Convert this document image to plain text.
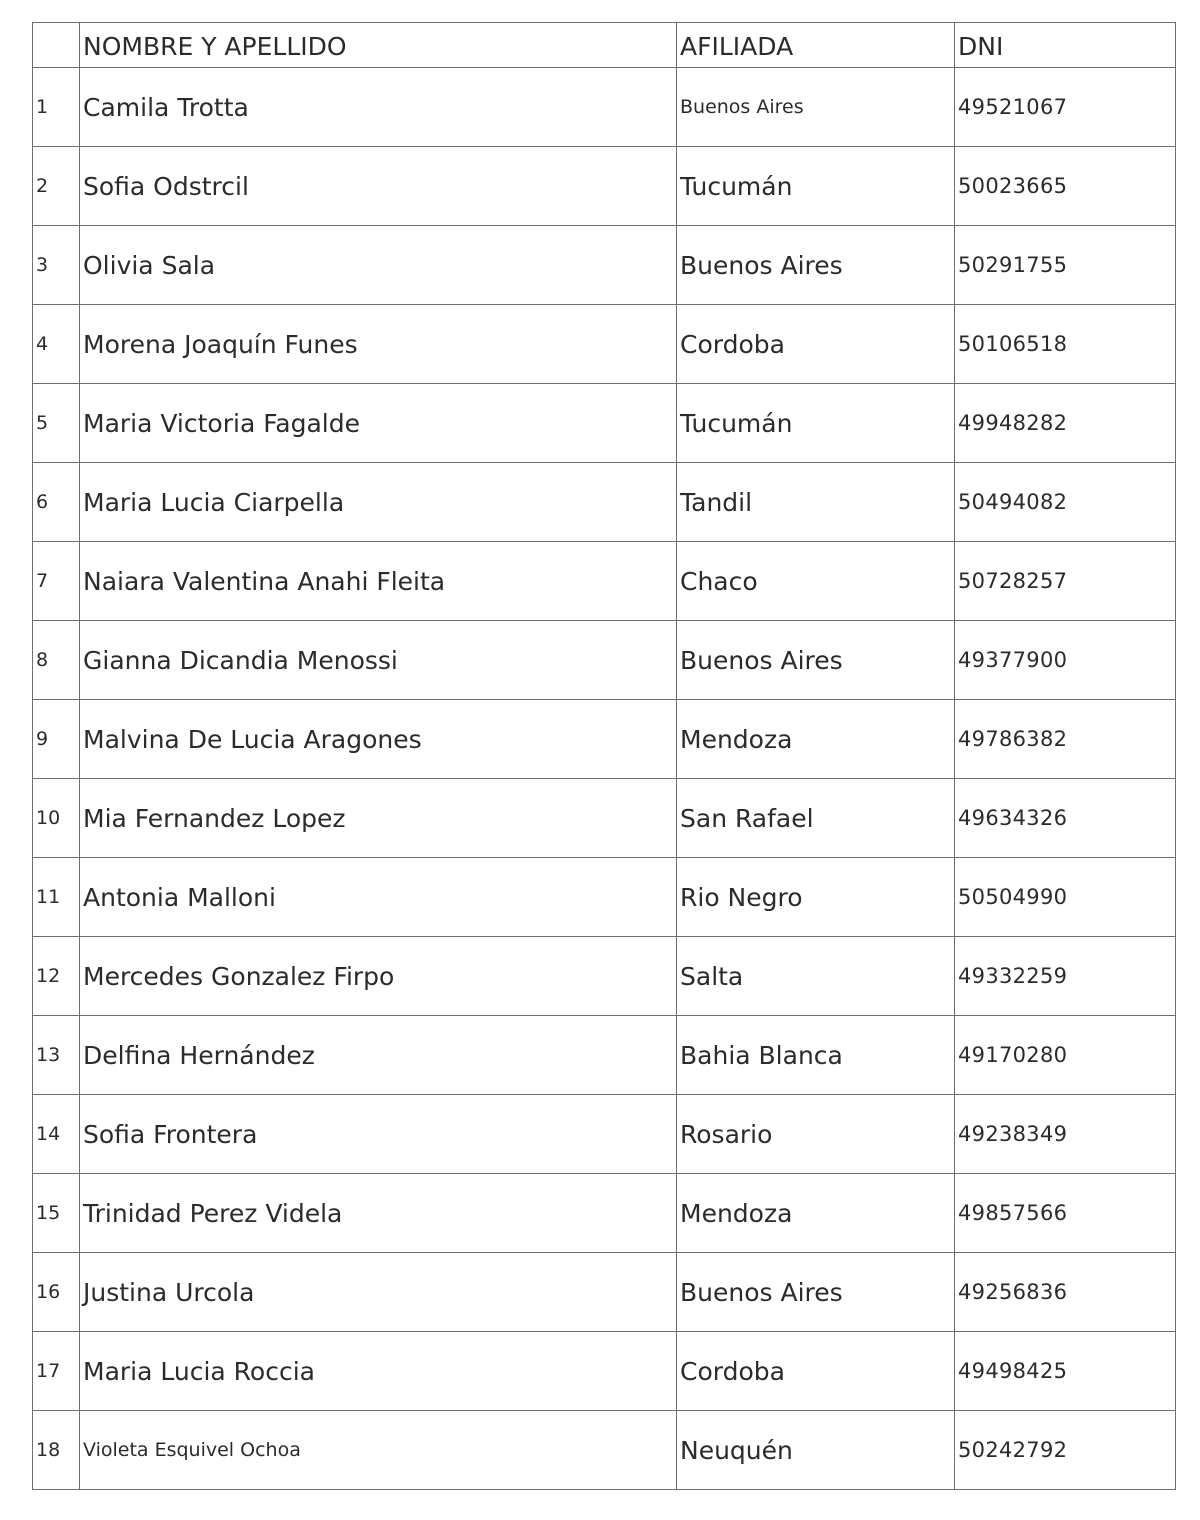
	NOMBRE Y APELLIDO	AFILIADA	DNI
1	Camila Trotta	Buenos Aires	49521067
2	Sofia Odstrcil	Tucumán	50023665
3	Olivia Sala	Buenos Aires	50291755
4	Morena Joaquín Funes	Cordoba	50106518
5	Maria Victoria Fagalde	Tucumán	49948282
6	Maria Lucia Ciarpella	Tandil	50494082
7	Naiara Valentina Anahi Fleita	Chaco	50728257
8	Gianna Dicandia Menossi	Buenos Aires	49377900
9	Malvina De Lucia Aragones	Mendoza	49786382
10	Mia Fernandez Lopez	San Rafael	49634326
11	Antonia Malloni	Rio Negro	50504990
12	Mercedes Gonzalez Firpo	Salta	49332259
13	Delfina Hernández	Bahia Blanca	49170280
14	Sofia Frontera	Rosario	49238349
15	Trinidad Perez Videla	Mendoza	49857566
16	Justina Urcola	Buenos Aires	49256836
17	Maria Lucia Roccia	Cordoba	49498425
18	Violeta Esquivel Ochoa	Neuquén	50242792
